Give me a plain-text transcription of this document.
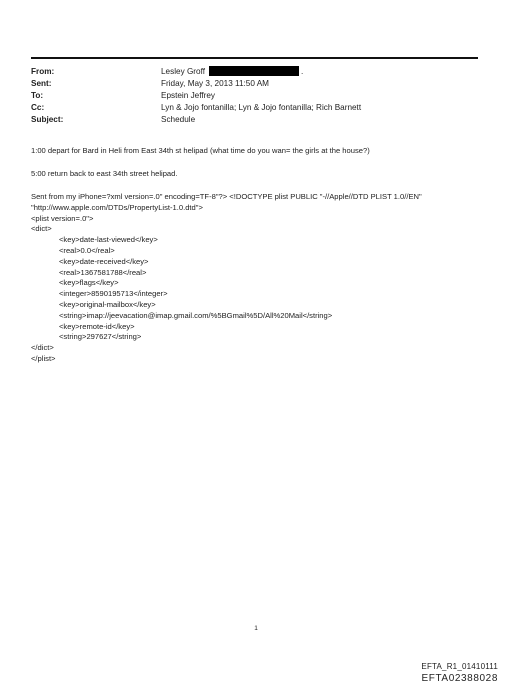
From:	Lesley Groff	.
Sent:	Friday, May 3, 2013 11:50 AM
To:	Epstein Jeffrey
Cc:	Lyn & Jojo fontanilla; Lyn & Jojo fontanilla; Rich Barnett
Subject:	Schedule
1:00 depart for Bard in Heli from East 34th st helipad (what time do you wan= the girls at the house?)
5:00 return back to east 34th street helipad.
Sent from my iPhone=?xml version=.0" encoding=TF-8"?> <!DOCTYPE plist PUBLIC "-//Apple//DTD PLIST 1.0//EN"
"http://www.apple.com/DTDs/PropertyList-1.0.dtd">
<plist version=.0">
<dict>
<key>date-last-viewed</key>
<real>0.0</real>
<key>date-received</key>
<real>1367581788</real>
<key>flags</key>
<integer>8590195713</integer>
<key>original-mailbox</key>
<string>imap://jeevacation@imap.gmail.com/%5BGmail%5D/All%20Mail</string>
<key>remote-id</key>
<string>297627</string>
</dict>
</plist>
1
EFTA_R1_01410111
EFTA02388028
